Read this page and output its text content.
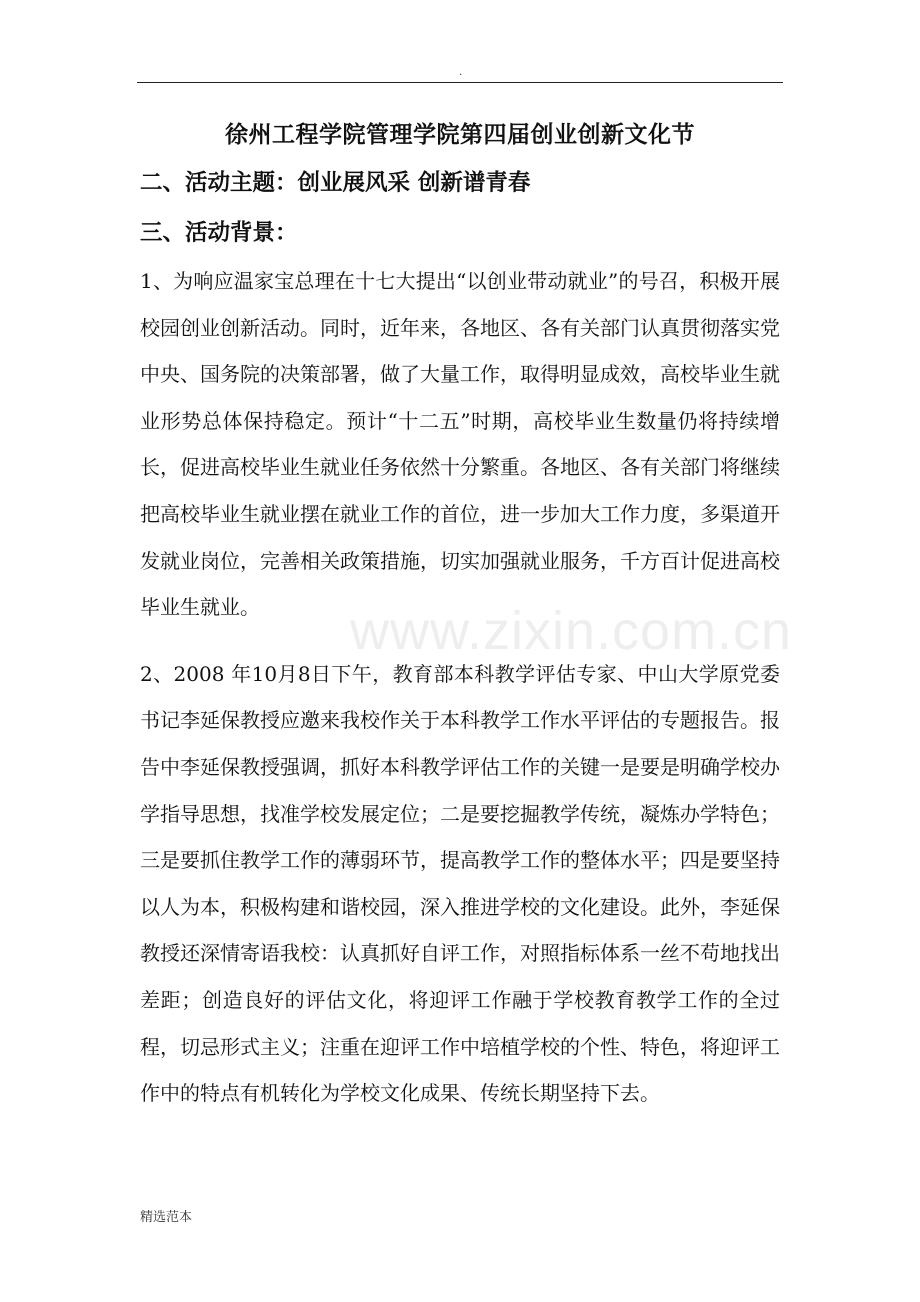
.
徐州工程学院管理学院第四届创业创新文化节
二、活动主题：创业展风采 创新谱青春
三、活动背景：

1、为响应温家宝总理在十七大提出“以创业带动就业”的号召，积极开展校园创业创新活动。同时，近年来，各地区、各有关部门认真贯彻落实党中央、国务院的决策部署，做了大量工作，取得明显成效，高校毕业生就业形势总体保持稳定。预计“十二五”时期，高校毕业生数量仍将持续增长，促进高校毕业生就业任务依然十分繁重。各地区、各有关部门将继续把高校毕业生就业摆在就业工作的首位，进一步加大工作力度，多渠道开发就业岗位，完善相关政策措施，切实加强就业服务，千方百计促进高校毕业生就业。

2、2008 年10月8日下午，教育部本科教学评估专家、中山大学原党委书记李延保教授应邀来我校作关于本科教学工作水平评估的专题报告。报告中李延保教授强调，抓好本科教学评估工作的关键一是要是明确学校办学指导思想，找准学校发展定位；二是要挖掘教学传统，凝炼办学特色；三是要抓住教学工作的薄弱环节，提高教学工作的整体水平；四是要坚持以人为本，积极构建和谐校园，深入推进学校的文化建设。此外，李延保教授还深情寄语我校：认真抓好自评工作，对照指标体系一丝不苟地找出差距；创造良好的评估文化，将迎评工作融于学校教育教学工作的全过程，切忌形式主义；注重在迎评工作中培植学校的个性、特色，将迎评工作中的特点有机转化为学校文化成果、传统长期坚持下去。

www.zixin.com.cn
精选范本
